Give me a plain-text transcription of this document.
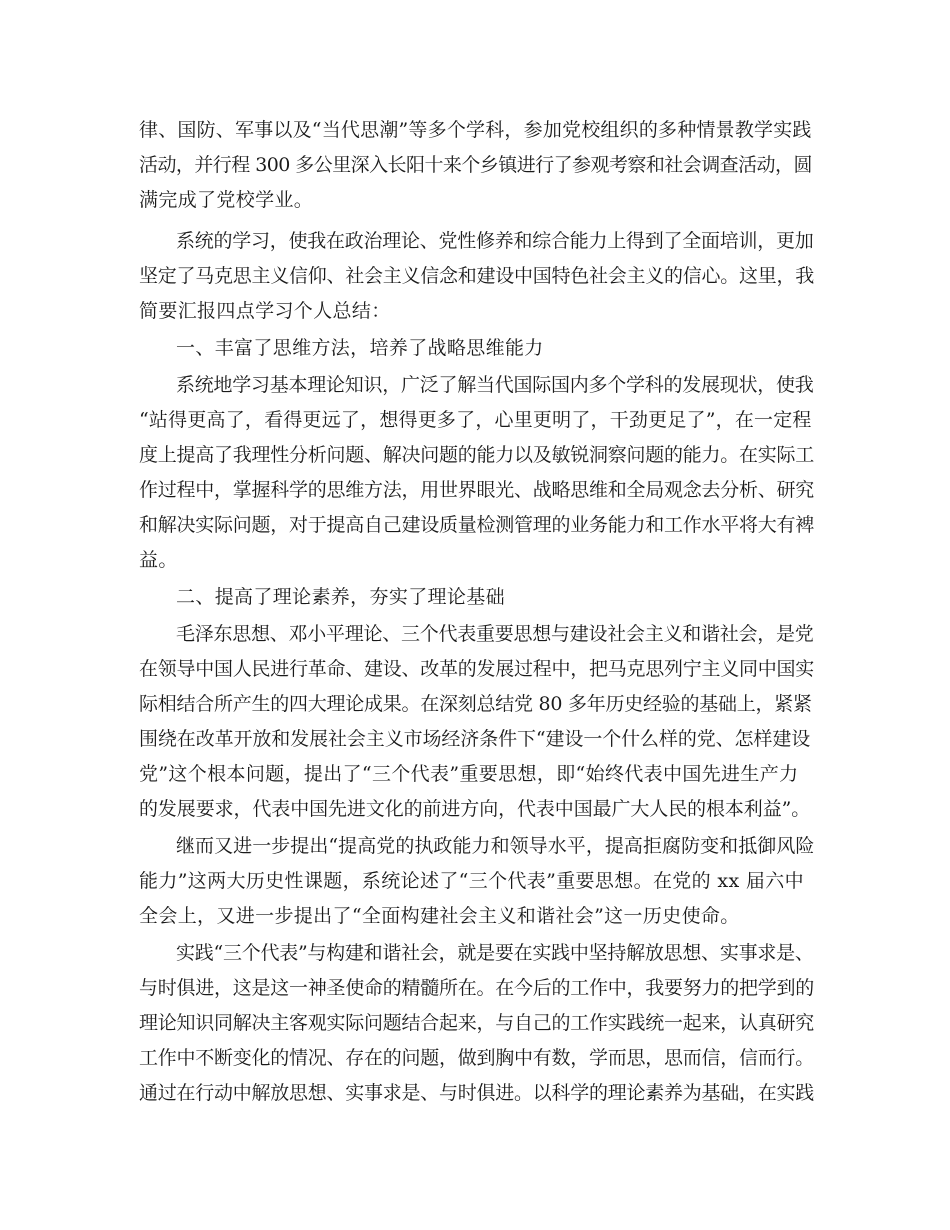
律、国防、军事以及“当代思潮”等多个学科，参加党校组织的多种情景教学实践

活动，并行程 300 多公里深入长阳十来个乡镇进行了参观考察和社会调查活动，圆

满完成了党校学业。

系统的学习，使我在政治理论、党性修养和综合能力上得到了全面培训，更加

坚定了马克思主义信仰、社会主义信念和建设中国特色社会主义的信心。这里，我

简要汇报四点学习个人总结：

一、丰富了思维方法，培养了战略思维能力

系统地学习基本理论知识，广泛了解当代国际国内多个学科的发展现状，使我

“站得更高了，看得更远了，想得更多了，心里更明了，干劲更足了”，在一定程

度上提高了我理性分析问题、解决问题的能力以及敏锐洞察问题的能力。在实际工

作过程中，掌握科学的思维方法，用世界眼光、战略思维和全局观念去分析、研究

和解决实际问题，对于提高自己建设质量检测管理的业务能力和工作水平将大有裨

益。

二、提高了理论素养，夯实了理论基础

毛泽东思想、邓小平理论、三个代表重要思想与建设社会主义和谐社会，是党

在领导中国人民进行革命、建设、改革的发展过程中，把马克思列宁主义同中国实

际相结合所产生的四大理论成果。在深刻总结党 80 多年历史经验的基础上，紧紧

围绕在改革开放和发展社会主义市场经济条件下“建设一个什么样的党、怎样建设

党”这个根本问题，提出了“三个代表”重要思想，即“始终代表中国先进生产力

的发展要求，代表中国先进文化的前进方向，代表中国最广大人民的根本利益”。

继而又进一步提出“提高党的执政能力和领导水平，提高拒腐防变和抵御风险

能力”这两大历史性课题，系统论述了“三个代表”重要思想。在党的 xx 届六中

全会上，又进一步提出了“全面构建社会主义和谐社会”这一历史使命。

实践“三个代表”与构建和谐社会，就是要在实践中坚持解放思想、实事求是、

与时俱进，这是这一神圣使命的精髓所在。在今后的工作中，我要努力的把学到的

理论知识同解决主客观实际问题结合起来，与自己的工作实践统一起来，认真研究

工作中不断变化的情况、存在的问题，做到胸中有数，学而思，思而信，信而行。

通过在行动中解放思想、实事求是、与时俱进。以科学的理论素养为基础，在实践
